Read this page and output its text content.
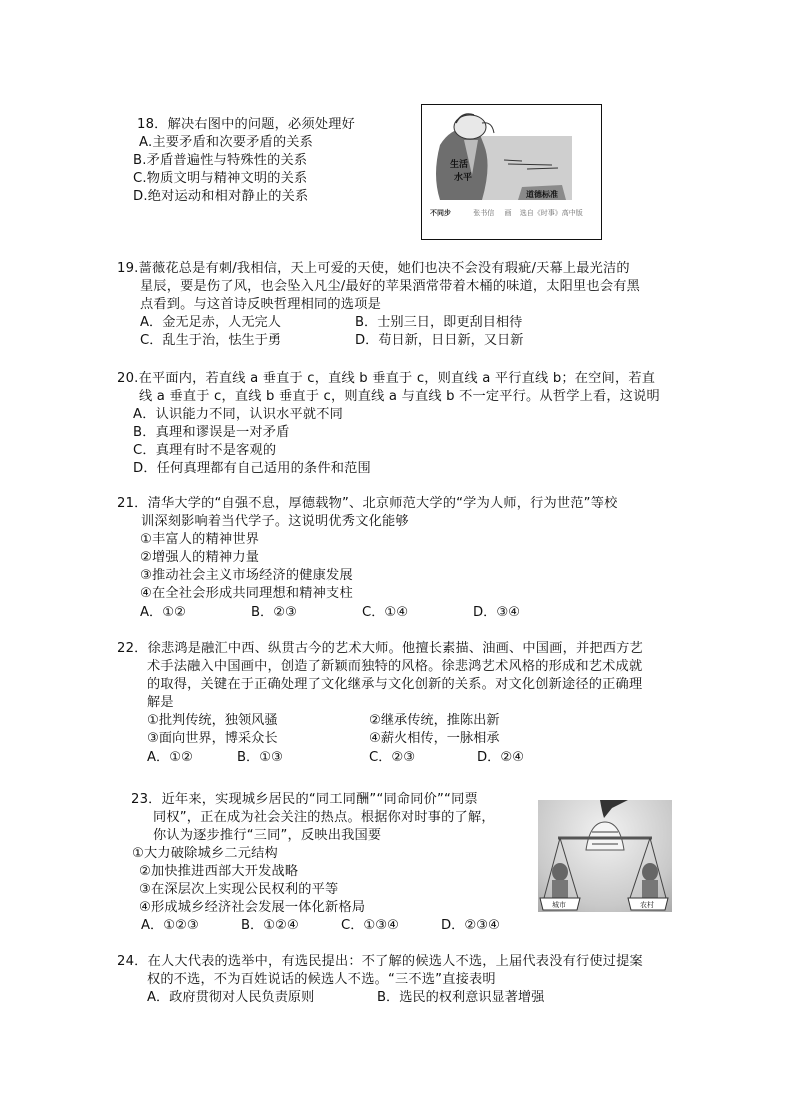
18．解决右图中的问题，必须处理好
A.主要矛盾和次要矛盾的关系
B.矛盾普遍性与特殊性的关系
C.物质文明与精神文明的关系
D.绝对运动和相对静止的关系
生活
水平
道德标准
不同步	张书信 画 选自《时事》高中版
19.蔷薇花总是有刺/我相信，天上可爱的天使，她们也决不会没有瑕疵/天幕上最光洁的
星辰，要是伤了风，也会坠入凡尘/最好的苹果酒常带着木桶的味道，太阳里也会有黑
点看到。与这首诗反映哲理相同的选项是
A．金无足赤，人无完人	B．士别三日，即更刮目相待
C．乱生于治，怯生于勇	D．苟日新，日日新，又日新
20.在平面内，若直线 a 垂直于 c，直线 b 垂直于 c，则直线 a 平行直线 b；在空间，若直
线 a 垂直于 c，直线 b 垂直于 c，则直线 a 与直线 b 不一定平行。从哲学上看，这说明
A．认识能力不同，认识水平就不同
B．真理和谬误是一对矛盾
C．真理有时不是客观的
D．任何真理都有自己适用的条件和范围
21．清华大学的“自强不息，厚德载物”、北京师范大学的“学为人师，行为世范”等校
训深刻影响着当代学子。这说明优秀文化能够
①丰富人的精神世界
②增强人的精神力量
③推动社会主义市场经济的健康发展
④在全社会形成共同理想和精神支柱
A．①②	B．②③	C．①④	D．③④
22．徐悲鸿是融汇中西、纵贯古今的艺术大师。他擅长素描、油画、中国画，并把西方艺
术手法融入中国画中，创造了新颖而独特的风格。徐悲鸿艺术风格的形成和艺术成就
的取得，关键在于正确处理了文化继承与文化创新的关系。对文化创新途径的正确理
解是
①批判传统，独领风骚	②继承传统，推陈出新
③面向世界，博采众长	④薪火相传，一脉相承
A．①②	B．①③	C．②③	D．②④
23．近年来，实现城乡居民的“同工同酬”“同命同价”“同票
同权”，正在成为社会关注的热点。根据你对时事的了解，
你认为逐步推行“三同”，反映出我国要
①大力破除城乡二元结构
②加快推进西部大开发战略
③在深层次上实现公民权利的平等
④形成城乡经济社会发展一体化新格局
A．①②③	B．①②④	C．①③④	D．②③④
城市	农村
24．在人大代表的选举中，有选民提出：不了解的候选人不选，上届代表没有行使过提案
权的不选，不为百姓说话的候选人不选。“三不选”直接表明
A．政府贯彻对人民负责原则	B．选民的权利意识显著增强
